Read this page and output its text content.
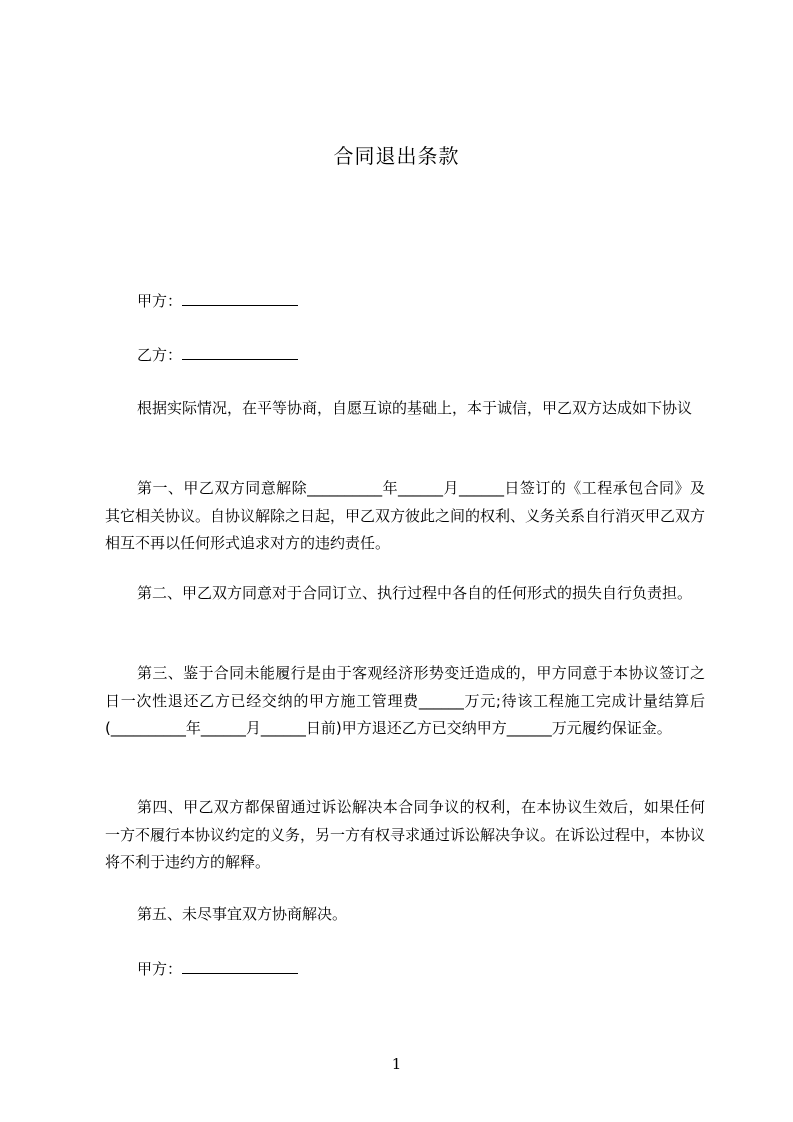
合同退出条款
甲方：
乙方：
根据实际情况，在平等协商，自愿互谅的基础上，本于诚信，甲乙双方达成如下协议
第一、甲乙双方同意解除__________年______月______日签订的《工程承包合同》及其它相关协议。自协议解除之日起，甲乙双方彼此之间的权利、义务关系自行消灭甲乙双方相互不再以任何形式追求对方的违约责任。
第二、甲乙双方同意对于合同订立、执行过程中各自的任何形式的损失自行负责担。
第三、鉴于合同未能履行是由于客观经济形势变迁造成的，甲方同意于本协议签订之日一次性退还乙方已经交纳的甲方施工管理费______万元;待该工程施工完成计量结算后(__________年______月______日前)甲方退还乙方已交纳甲方______万元履约保证金。
第四、甲乙双方都保留通过诉讼解决本合同争议的权利，在本协议生效后，如果任何一方不履行本协议约定的义务，另一方有权寻求通过诉讼解决争议。在诉讼过程中，本协议将不利于违约方的解释。
第五、未尽事宜双方协商解决。
甲方：
1
